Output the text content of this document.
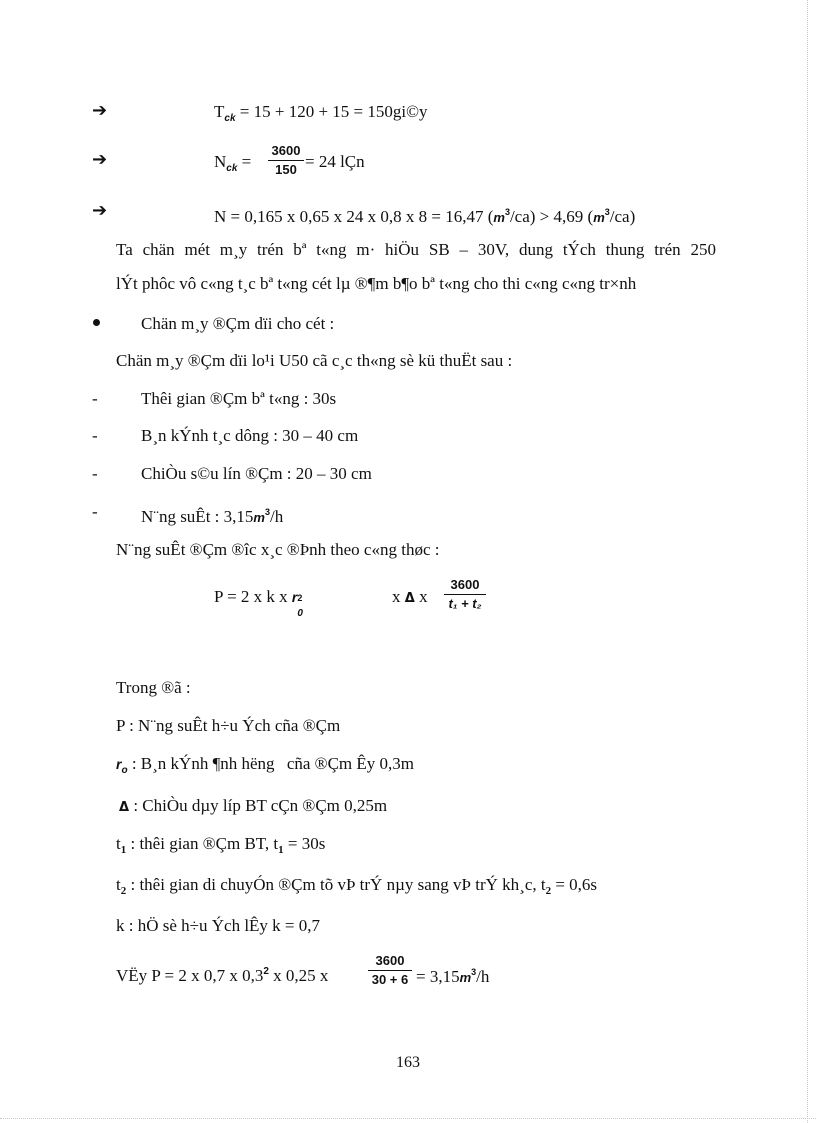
➔	$T_{ck} = 15 + 120 + 15$ = 150gi©y
➔	$N_{ck}$ =
3600
150 = 24 lÇn
➔	N = 0,165 x 0,65 x 24 x 0,8 x 8 = 16,47 $(m^3/ca) > 4,69$ $(m^3/ca)$
Ta chän mét m¸y trén bª t«ng m· hiÖu SB – 30V, dung tÝch thung trén 250
lÝt phôc vô c«ng t¸c bª t«ng cét lµ ®¶m b¶o bª t«ng cho thi c«ng c«ng tr×nh
Chän m¸y ®Çm dïi cho cét :
Chän m¸y ®Çm dïi lo¹i U50 cã c¸c th«ng sè kü thuËt sau :
-	Thêi gian ®Çm bª t«ng : 30s
-	B¸n kÝnh t¸c dông : 30 – 40 cm
-	ChiÒu s©u lín ®Çm : 20 – 30 cm
-	N¨ng suÊt : $3,15m^3/h$
N¨ng suÊt ®Çm ®îc x¸c ®Þnh theo c«ng thøc :
P = 2 x k x r 2
0
x Δ x
3600
t₁ + t₂
Trong ®ã :
P : N¨ng suÊt h÷u Ých cña ®Çm
$r_o$ : B¸n kÝnh ¶nh hëng cña ®Çm Êy 0,3m
Δ : ChiÒu dµy líp BT cÇn ®Çm 0,25m
$t_1$ : thêi gian ®Çm BT, $t_1 = 30s$
$t_2$ : thêi gian di chuyÓn ®Çm tõ vÞ trÝ nµy sang vÞ trÝ kh¸c, $t_2 = 0,6s$
k : hÖ sè h÷u Ých lÊy k = 0,7
VËy P = 2 x 0,7 x $0,3^2$ x 0,25 x
3600
$30 + 6 = 3,15m^3/h$
163
